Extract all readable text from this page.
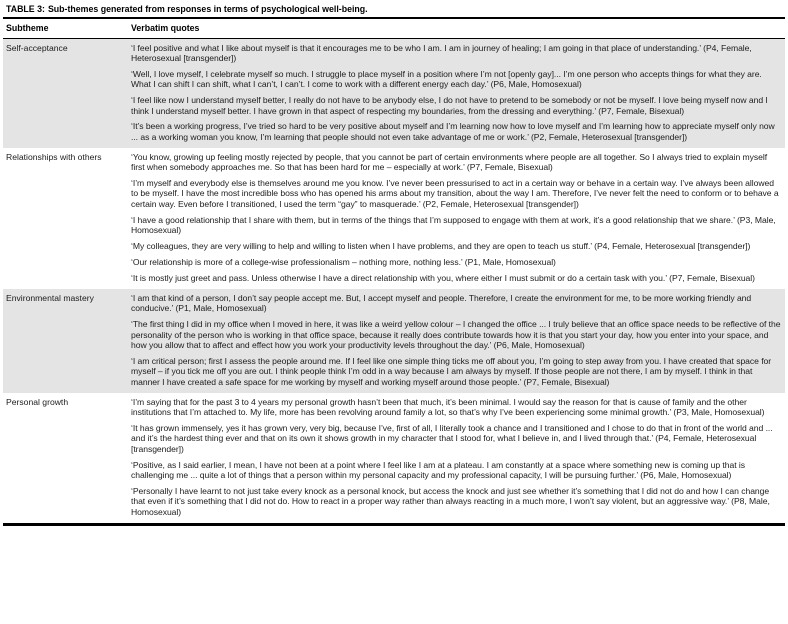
TABLE 3: Sub-themes generated from responses in terms of psychological well-being.
Subtheme	Verbatim quotes
Self-acceptance	‘I feel positive and what I like about myself is that it encourages me to be who I am. I am in journey of healing; I am going in that place of understanding.’ (P4, Female, Heterosexual [transgender])

‘Well, I love myself, I celebrate myself so much. I struggle to place myself in a position where I’m not [openly gay]... I’m one person who accepts things for what they are. What I can shift I can shift, what I can’t, I can’t. I come to work with a different energy each day.’ (P6, Male, Homosexual)

‘I feel like now I understand myself better, I really do not have to be anybody else, I do not have to pretend to be somebody or not be myself. I love being myself now and I think I understand myself better. I have grown in that aspect of respecting my boundaries, from the dressing and everything.’ (P7, Female, Bisexual)

‘It’s been a working progress, I’ve tried so hard to be very positive about myself and I’m learning now how to love myself and I’m learning how to appreciate myself only now ... as a working woman you know, I’m learning that people should not even take advantage of me or work.’ (P2, Female, Heterosexual [transgender])

Relationships with others	‘You know, growing up feeling mostly rejected by people, that you cannot be part of certain environments where people are all together. So I always tried to explain myself first when somebody approaches me. So that has been hard for me – especially at work.’ (P7, Female, Bisexual)

‘I’m myself and everybody else is themselves around me you know. I’ve never been pressurised to act in a certain way or behave in a certain way. I’ve always been allowed to be myself. I have the most incredible boss who has opened his arms about my transition, about the way I am. Therefore, I’ve never felt the need to conform or to behave a certain way. Even before I transitioned, I used the term “gay” to masquerade.’ (P2, Female, Heterosexual [transgender])

‘I have a good relationship that I share with them, but in terms of the things that I’m supposed to engage with them at work, it’s a good relationship that we share.’ (P3, Male, Homosexual)

‘My colleagues, they are very willing to help and willing to listen when I have problems, and they are open to teach us stuff.’ (P4, Female, Heterosexual [transgender])

‘Our relationship is more of a college-wise professionalism – nothing more, nothing less.’ (P1, Male, Homosexual)

‘It is mostly just greet and pass. Unless otherwise I have a direct relationship with you, where either I must submit or do a certain task with you.’ (P7, Female, Bisexual)

Environmental mastery	‘I am that kind of a person, I don’t say people accept me. But, I accept myself and people. Therefore, I create the environment for me, to be more working friendly and conducive.’ (P1, Male, Homosexual)

‘The first thing I did in my office when I moved in here, it was like a weird yellow colour – I changed the office ... I truly believe that an office space needs to be reflective of the personality of the person who is working in that office space, because it really does contribute towards how it is that you start your day, how you enter into your space, and how you allow that to affect and effect how you work your productivity levels throughout the day.’ (P6, Male, Homosexual)

‘I am critical person; first I assess the people around me. If I feel like one simple thing ticks me off about you, I’m going to step away from you. I have created that space for myself – if you tick me off you are out. I think people think I’m odd in a way because I am always by myself. If those people are not there, I am by myself. I think in that manner I have created a safe space for me working by myself and working myself around those people.’ (P7, Female, Bisexual)

Personal growth	‘I’m saying that for the past 3 to 4 years my personal growth hasn’t been that much, it’s been minimal. I would say the reason for that is cause of family and the other institutions that I’m attached to. My life, more has been revolving around family a lot, so that’s why I’ve been experiencing some minimal growth.’ (P3, Male, Homosexual)

‘It has grown immensely, yes it has grown very, very big, because I’ve, first of all, I literally took a chance and I transitioned and I chose to do that in front of the world and ... and it’s the hardest thing ever and that on its own it shows growth in my character that I stood for, what I believe in, and I lived through that.’ (P4, Female, Heterosexual [transgender])

‘Positive, as I said earlier, I mean, I have not been at a point where I feel like I am at a plateau. I am constantly at a space where something new is coming up that is challenging me ... quite a lot of things that a person within my personal capacity and my professional capacity, I will be pursuing further.’ (P6, Male, Homosexual)

‘Personally I have learnt to not just take every knock as a personal knock, but access the knock and just see whether it’s something that I did not do and how I can change that even if it’s something that I did not do. How to react in a proper way rather than always reacting in a much more, I won’t say violent, but an aggressive way.’ (P8, Male, Homosexual)
